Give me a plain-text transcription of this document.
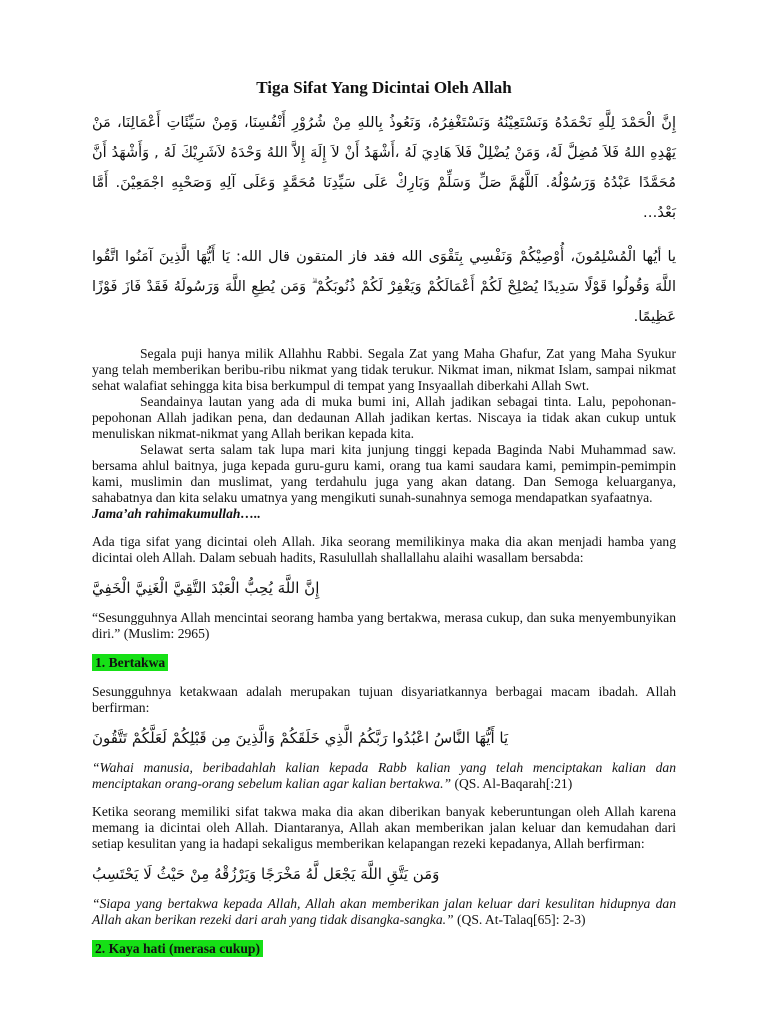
Tiga Sifat Yang Dicintai Oleh Allah

إِنَّ الْحَمْدَ لِلَّهِ نَحْمَدُهُ وَنَسْتَعِيْنُهُ وَنَسْتَغْفِرُهُ، وَنَعُوذُ بِاللهِ مِنْ شُرُوْرِ أَنْفُسِنَا، وَمِنْ سَيِّئَاتِ أَعْمَالِنَا، مَنْ يَهْدِهِ اللهُ فَلاَ مُضِلَّ لَهُ، وَمَنْ يُضْلِلْ فَلاَ هَادِيَ لَهُ ،أَشْهَدُ أَنْ لاَ إِلَهَ إِلاَّ اللهُ وَحْدَهُ لاَشَرِيْكَ لَهُ , وَأَشْهَدُ أَنَّ مُحَمَّدًا عَبْدُهُ وَرَسُوْلُهُ. اَللَّهُمَّ صَلِّ وَسَلِّمْ وَبَارِكْ عَلَى سَيِّدِنَا مُحَمَّدٍ وَعَلَى آلِهِ وَصَحْبِهِ اجْمَعِيْنَ. أَمَّا بَعْدُ…

يا أيُها الْمُسْلِمُونَ، أُوْصِيْكُمْ وَنَفْسِي بِتَقْوَى الله فقد فاز المتقون قال الله: يَا أَيُّهَا الَّذِينَ آمَنُوا اتَّقُوا اللَّهَ وَقُولُوا قَوْلًا سَدِيدًا يُصْلِحْ لَكُمْ أَعْمَالَكُمْ وَيَغْفِرْ لَكُمْ ذُنُوبَكُمْ ۗ وَمَن يُطِعِ اللَّهَ وَرَسُولَهُ فَقَدْ فَازَ فَوْزًا عَظِيمًا.

Segala puji hanya milik Allahhu Rabbi. Segala Zat yang Maha Ghafur, Zat yang Maha Syukur yang telah memberikan beribu-ribu nikmat yang tidak terukur. Nikmat iman, nikmat Islam, sampai nikmat sehat walafiat sehingga kita bisa berkumpul di tempat yang Insyaallah diberkahi Allah Swt.

Seandainya lautan yang ada di muka bumi ini, Allah jadikan sebagai tinta. Lalu, pepohonan-pepohonan Allah jadikan pena, dan dedaunan Allah jadikan kertas. Niscaya ia tidak akan cukup untuk menuliskan nikmat-nikmat yang Allah berikan kepada kita.

Selawat serta salam tak lupa mari kita junjung tinggi kepada Baginda Nabi Muhammad saw. bersama ahlul baitnya, juga kepada guru-guru kami, orang tua kami saudara kami, pemimpin-pemimpin kami, muslimin dan muslimat, yang terdahulu juga yang akan datang. Dan Semoga keluarganya, sahabatnya dan kita selaku umatnya yang mengikuti sunah-sunahnya semoga mendapatkan syafaatnya.

Jama’ah rahimakumullah…..

Ada tiga sifat yang dicintai oleh Allah. Jika seorang memilikinya maka dia akan menjadi hamba yang dicintai oleh Allah. Dalam sebuah hadits, Rasulullah shallallahu alaihi wasallam bersabda:

إِنَّ اللَّهَ يُحِبُّ الْعَبْدَ التَّقِيَّ الْغَنِيَّ الْخَفِيَّ

“Sesungguhnya Allah mencintai seorang hamba yang bertakwa, merasa cukup, dan suka menyembunyikan diri.” (Muslim: 2965)

1. Bertakwa

Sesungguhnya ketakwaan adalah merupakan tujuan disyariatkannya berbagai macam ibadah. Allah berfirman:

يَا أَيُّهَا النَّاسُ اعْبُدُوا رَبَّكُمُ الَّذِي خَلَقَكُمْ وَالَّذِينَ مِن قَبْلِكُمْ لَعَلَّكُمْ تَتَّقُونَ

“Wahai manusia, beribadahlah kalian kepada Rabb kalian yang telah menciptakan kalian dan menciptakan orang-orang sebelum kalian agar kalian bertakwa.” (QS. Al-Baqarah[:21)

Ketika seorang memiliki sifat takwa maka dia akan diberikan banyak keberuntungan oleh Allah karena memang ia dicintai oleh Allah. Diantaranya, Allah akan memberikan jalan keluar dan kemudahan dari setiap kesulitan yang ia hadapi sekaligus memberikan kelapangan rezeki kepadanya, Allah berfirman:

وَمَن يَتَّقِ اللَّهَ يَجْعَل لَّهُ مَخْرَجًا وَيَرْزُقْهُ مِنْ حَيْثُ لَا يَحْتَسِبُ

“Siapa yang bertakwa kepada Allah, Allah akan memberikan jalan keluar dari kesulitan hidupnya dan Allah akan berikan rezeki dari arah yang tidak disangka-sangka.” (QS. At-Talaq[65]: 2-3)

2. Kaya hati (merasa cukup)
